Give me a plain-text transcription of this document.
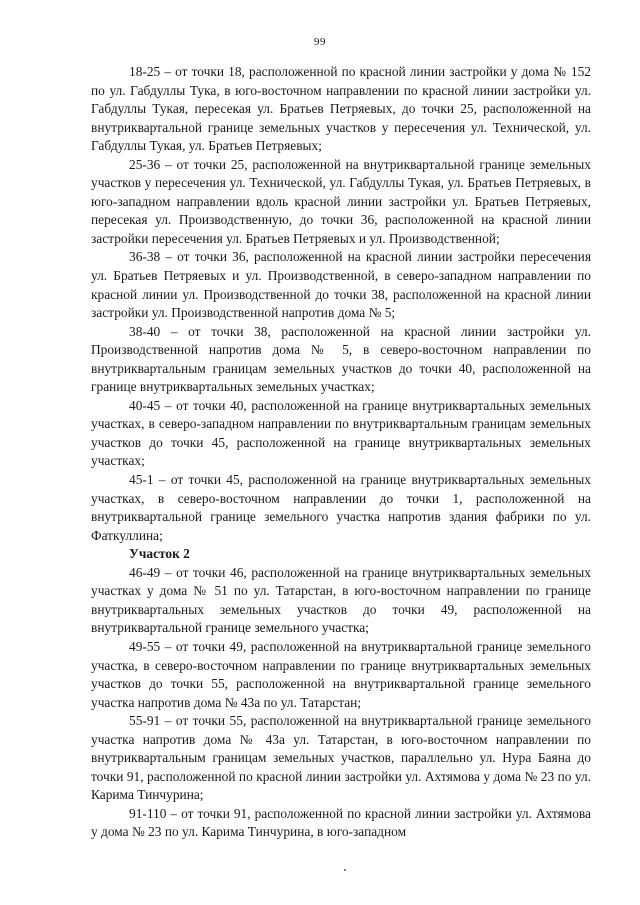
99

18-25 – от точки 18, расположенной по красной линии застройки у дома № 152 по ул. Габдуллы Тука, в юго-восточном направлении по красной линии застройки ул. Габдуллы Тукая, пересекая ул. Братьев Петряевых, до точки 25, расположенной на внутриквартальной границе земельных участков у пересечения ул. Технической, ул. Габдуллы Тукая, ул. Братьев Петряевых;

25-36 – от точки 25, расположенной на внутриквартальной границе земельных участков у пересечения ул. Технической, ул. Габдуллы Тукая, ул. Братьев Петряевых, в юго-западном направлении вдоль красной линии застройки ул. Братьев Петряевых, пересекая ул. Производственную, до точки 36, расположенной на красной линии застройки пересечения ул. Братьев Петряевых и ул. Производственной;

36-38 – от точки 36, расположенной на красной линии застройки пересечения ул. Братьев Петряевых и ул. Производственной, в северо-западном направлении по красной линии ул. Производственной до точки 38, расположенной на красной линии застройки ул. Производственной напротив дома № 5;

38-40 – от точки 38, расположенной на красной линии застройки ул. Производственной напротив дома № 5, в северо-восточном направлении по внутриквартальным границам земельных участков до точки 40, расположенной на границе внутриквартальных земельных участках;

40-45 – от точки 40, расположенной на границе внутриквартальных земельных участках, в северо-западном направлении по внутриквартальным границам земельных участков до точки 45, расположенной на границе внутриквартальных земельных участках;

45-1 – от точки 45, расположенной на границе внутриквартальных земельных участках, в северо-восточном направлении до точки 1, расположенной на внутриквартальной границе земельного участка напротив здания фабрики по ул. Фаткуллина;

Участок 2

46-49 – от точки 46, расположенной на границе внутриквартальных земельных участках у дома № 51 по ул. Татарстан, в юго-восточном направлении по границе внутриквартальных земельных участков до точки 49, расположенной на внутриквартальной границе земельного участка;

49-55 – от точки 49, расположенной на внутриквартальной границе земельного участка, в северо-восточном направлении по границе внутриквартальных земельных участков до точки 55, расположенной на внутриквартальной границе земельного участка напротив дома № 43а по ул. Татарстан;

55-91 – от точки 55, расположенной на внутриквартальной границе земельного участка напротив дома № 43а ул. Татарстан, в юго-восточном направлении по внутриквартальным границам земельных участков, параллельно ул. Нура Баяна до точки 91, расположенной по красной линии застройки ул. Ахтямова у дома № 23 по ул. Карима Тинчурина;

91-110 – от точки 91, расположенной по красной линии застройки ул. Ахтямова у дома № 23 по ул. Карима Тинчурина, в юго-западном
